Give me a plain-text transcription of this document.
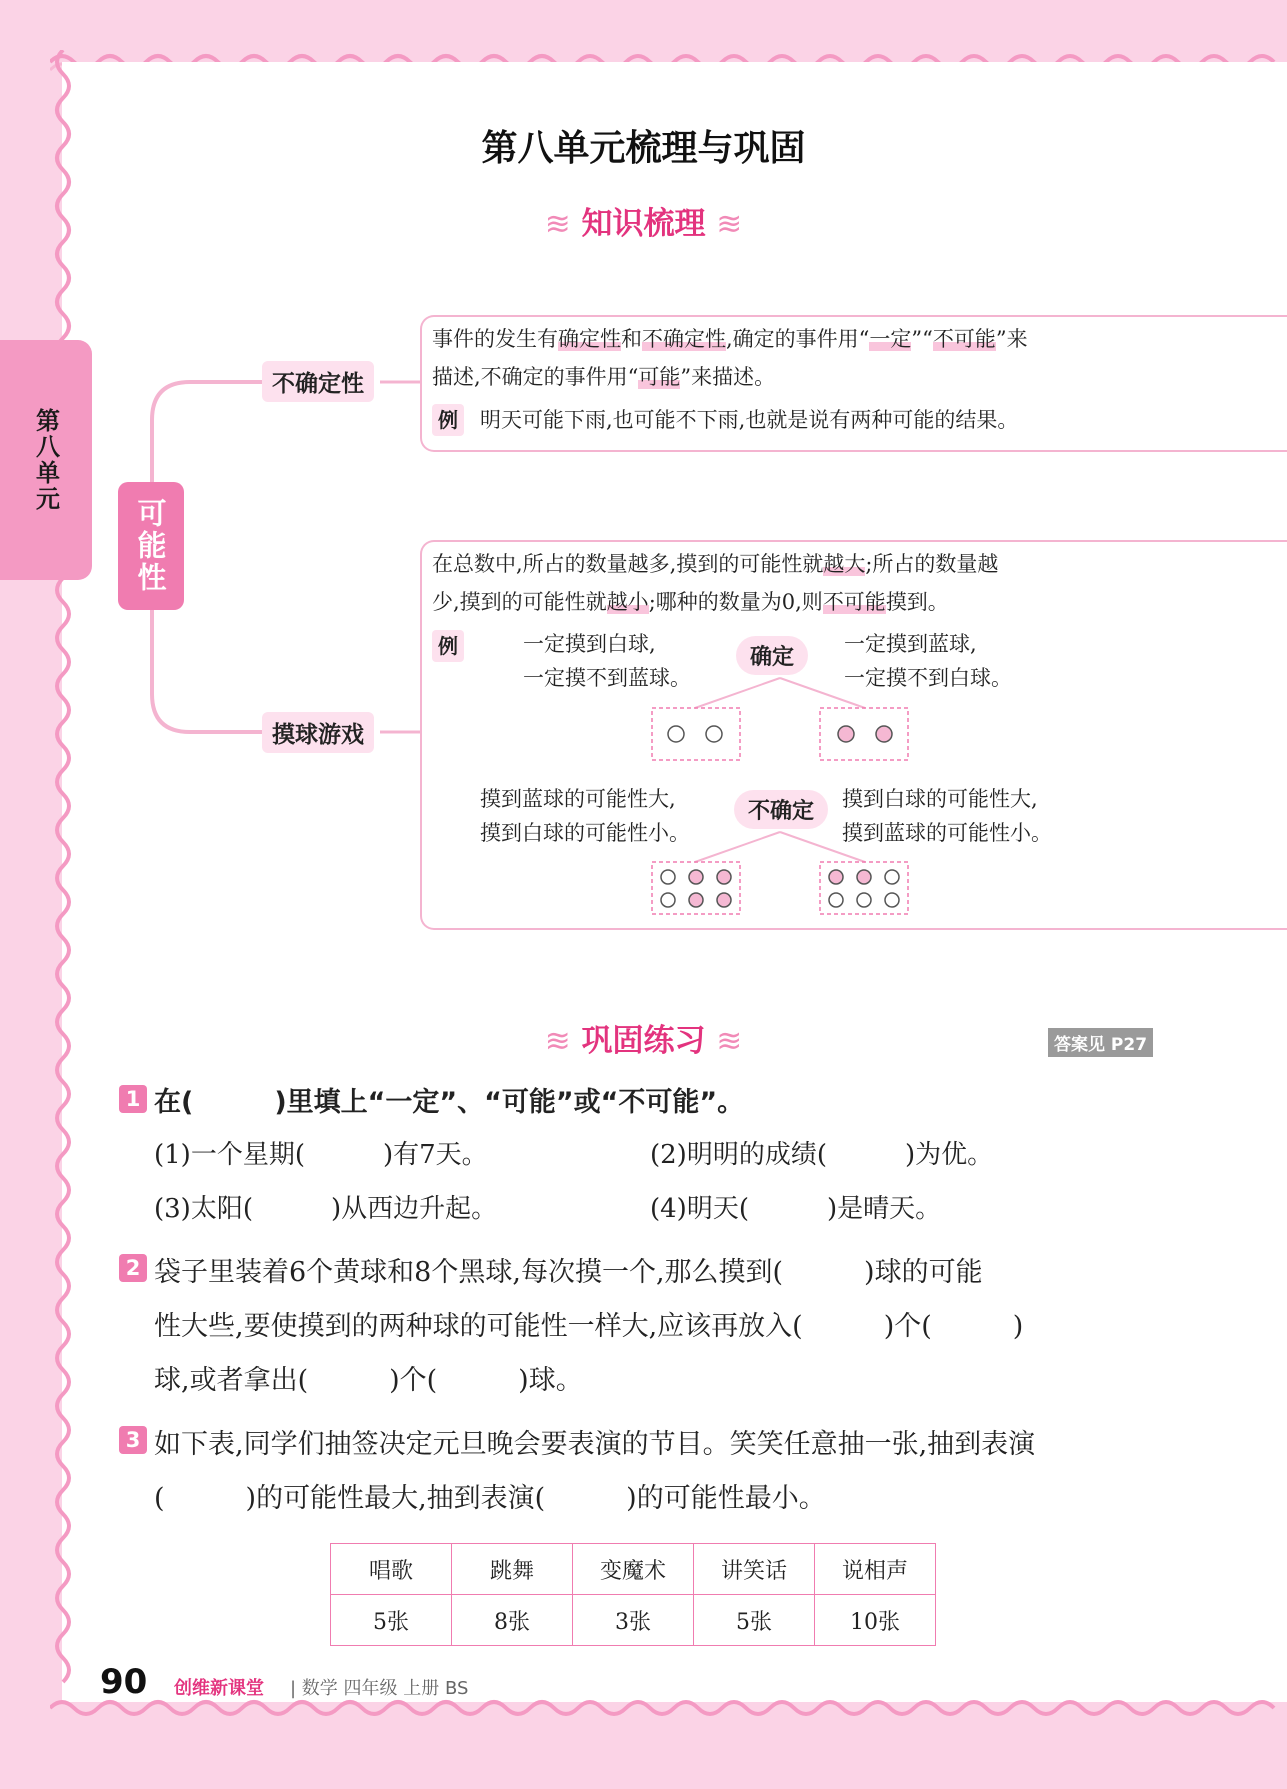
第八单元
第八单元梳理与巩固
≋ 知识梳理 ≋
可能性
不确定性
摸球游戏
事件的发生有确定性和不确定性,确定的事件用“一定”“不可能”来
描述,不确定的事件用“可能”来描述。
例 明天可能下雨,也可能不下雨,也就是说有两种可能的结果。
在总数中,所占的数量越多,摸到的可能性就越大;所占的数量越
少,摸到的可能性就越小;哪种的数量为0,则不可能摸到。
例	一定摸到白球,
一定摸不到蓝球。
确定
一定摸到蓝球,
一定摸不到白球。
摸到蓝球的可能性大,
摸到白球的可能性小。
不确定	摸到白球的可能性大,
摸到蓝球的可能性小。
≋ 巩固练习 ≋	答案见 P27
1 在(　　　)里填上“一定”、“可能”或“不可能”。
(1)一个星期(　　　)有7天。	(2)明明的成绩(　　　)为优。
(3)太阳(　　　)从西边升起。	(4)明天(　　　)是晴天。
2 袋子里装着6个黄球和8个黑球,每次摸一个,那么摸到(　　　)球的可能
性大些,要使摸到的两种球的可能性一样大,应该再放入(　　　)个(　　　)
球,或者拿出(　　　)个(　　　)球。
3 如下表,同学们抽签决定元旦晚会要表演的节目。笑笑任意抽一张,抽到表演
(　　　)的可能性最大,抽到表演(　　　)的可能性最小。
唱歌	跳舞	变魔术	讲笑话	说相声
5张	8张	3张	5张	10张
90 创维新课堂 | 数学 四年级 上册 BS
